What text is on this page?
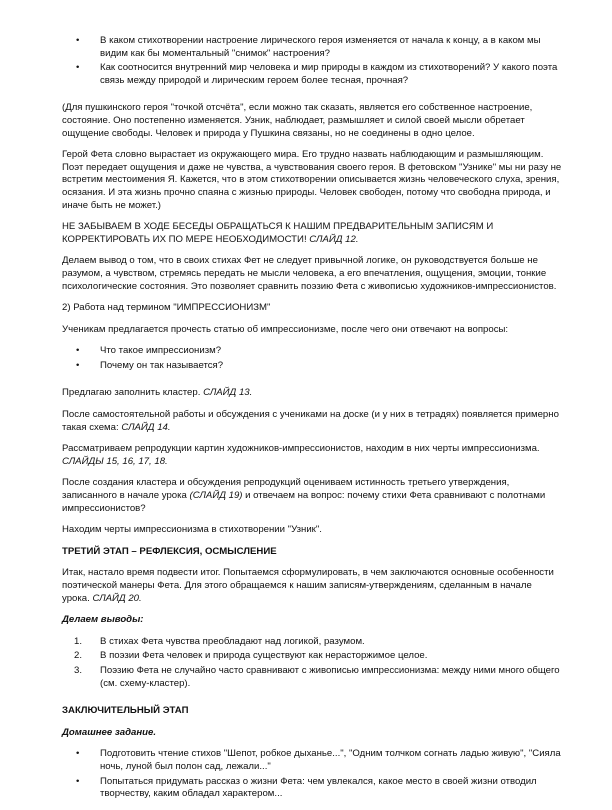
• В каком стихотворении настроение лирического героя изменяется от начала к концу, а в каком мы видим как бы моментальный "снимок" настроения?
• Как соотносится внутренний мир человека и мир природы в каждом из стихотворений? У какого поэта связь между природой и лирическим героем более тесная, прочная?

(Для пушкинского героя "точкой отсчёта", если можно так сказать, является его собственное настроение, состояние. Оно постепенно изменяется. Узник, наблюдает, размышляет и силой своей мысли обретает ощущение свободы. Человек и природа у Пушкина связаны, но не соединены в одно целое.

Герой Фета словно вырастает из окружающего мира. Его трудно назвать наблюдающим и размышляющим. Поэт передает ощущения и даже не чувства, а чувствования своего героя. В фетовском "Узнике" мы ни разу не встретим местоимения Я. Кажется, что в этом стихотворении описывается жизнь человеческого слуха, зрения, осязания. И эта жизнь прочно спаяна с жизнью природы. Человек свободен, потому что свободна природа, и иначе быть не может.)

НЕ ЗАБЫВАЕМ В ХОДЕ БЕСЕДЫ ОБРАЩАТЬСЯ К НАШИМ ПРЕДВАРИТЕЛЬНЫМ ЗАПИСЯМ И КОРРЕКТИРОВАТЬ ИХ ПО МЕРЕ НЕОБХОДИМОСТИ! СЛАЙД 12.

Делаем вывод о том, что в своих стихах Фет не следует привычной логике, он руководствуется больше не разумом, а чувством, стремясь передать не мысли человека, а его впечатления, ощущения, эмоции, тонкие психологические состояния. Это позволяет сравнить поэзию Фета с живописью художников-импрессионистов.

2) Работа над термином "ИМПРЕССИОНИЗМ"

Ученикам предлагается прочесть статью об импрессионизме, после чего они отвечают на вопросы:

• Что такое импрессионизм?
• Почему он так называется?

Предлагаю заполнить кластер. СЛАЙД 13.

После самостоятельной работы и обсуждения с учениками на доске (и у них в тетрадях) появляется примерно такая схема: СЛАЙД 14.

Рассматриваем репродукции картин художников-импрессионистов, находим в них черты импрессионизма. СЛАЙДЫ 15, 16, 17, 18.

После создания кластера и обсуждения репродукций оцениваем истинность третьего утверждения, записанного в начале урока (СЛАЙД 19) и отвечаем на вопрос: почему стихи Фета сравнивают с полотнами импрессионистов?

Находим черты импрессионизма в стихотворении "Узник".

ТРЕТИЙ ЭТАП – РЕФЛЕКСИЯ, ОСМЫСЛЕНИЕ

Итак, настало время подвести итог. Попытаемся сформулировать, в чем заключаются основные особенности поэтической манеры Фета. Для этого обращаемся к нашим записям-утверждениям, сделанным в начале урока. СЛАЙД 20.

Делаем выводы:

1. В стихах Фета чувства преобладают над логикой, разумом.
2. В поэзии Фета человек и природа существуют как нерасторжимое целое.
3. Поэзию Фета не случайно часто сравнивают с живописью импрессионизма: между ними много общего (см. схему-кластер).

ЗАКЛЮЧИТЕЛЬНЫЙ ЭТАП

Домашнее задание.

• Подготовить чтение стихов "Шепот, робкое дыханье...", "Одним толчком согнать ладью живую", "Сияла ночь, луной был полон сад, лежали..."
• Попытаться придумать рассказ о жизни Фета: чем увлекался, какое место в своей жизни отводил творчеству, каким обладал характером...
